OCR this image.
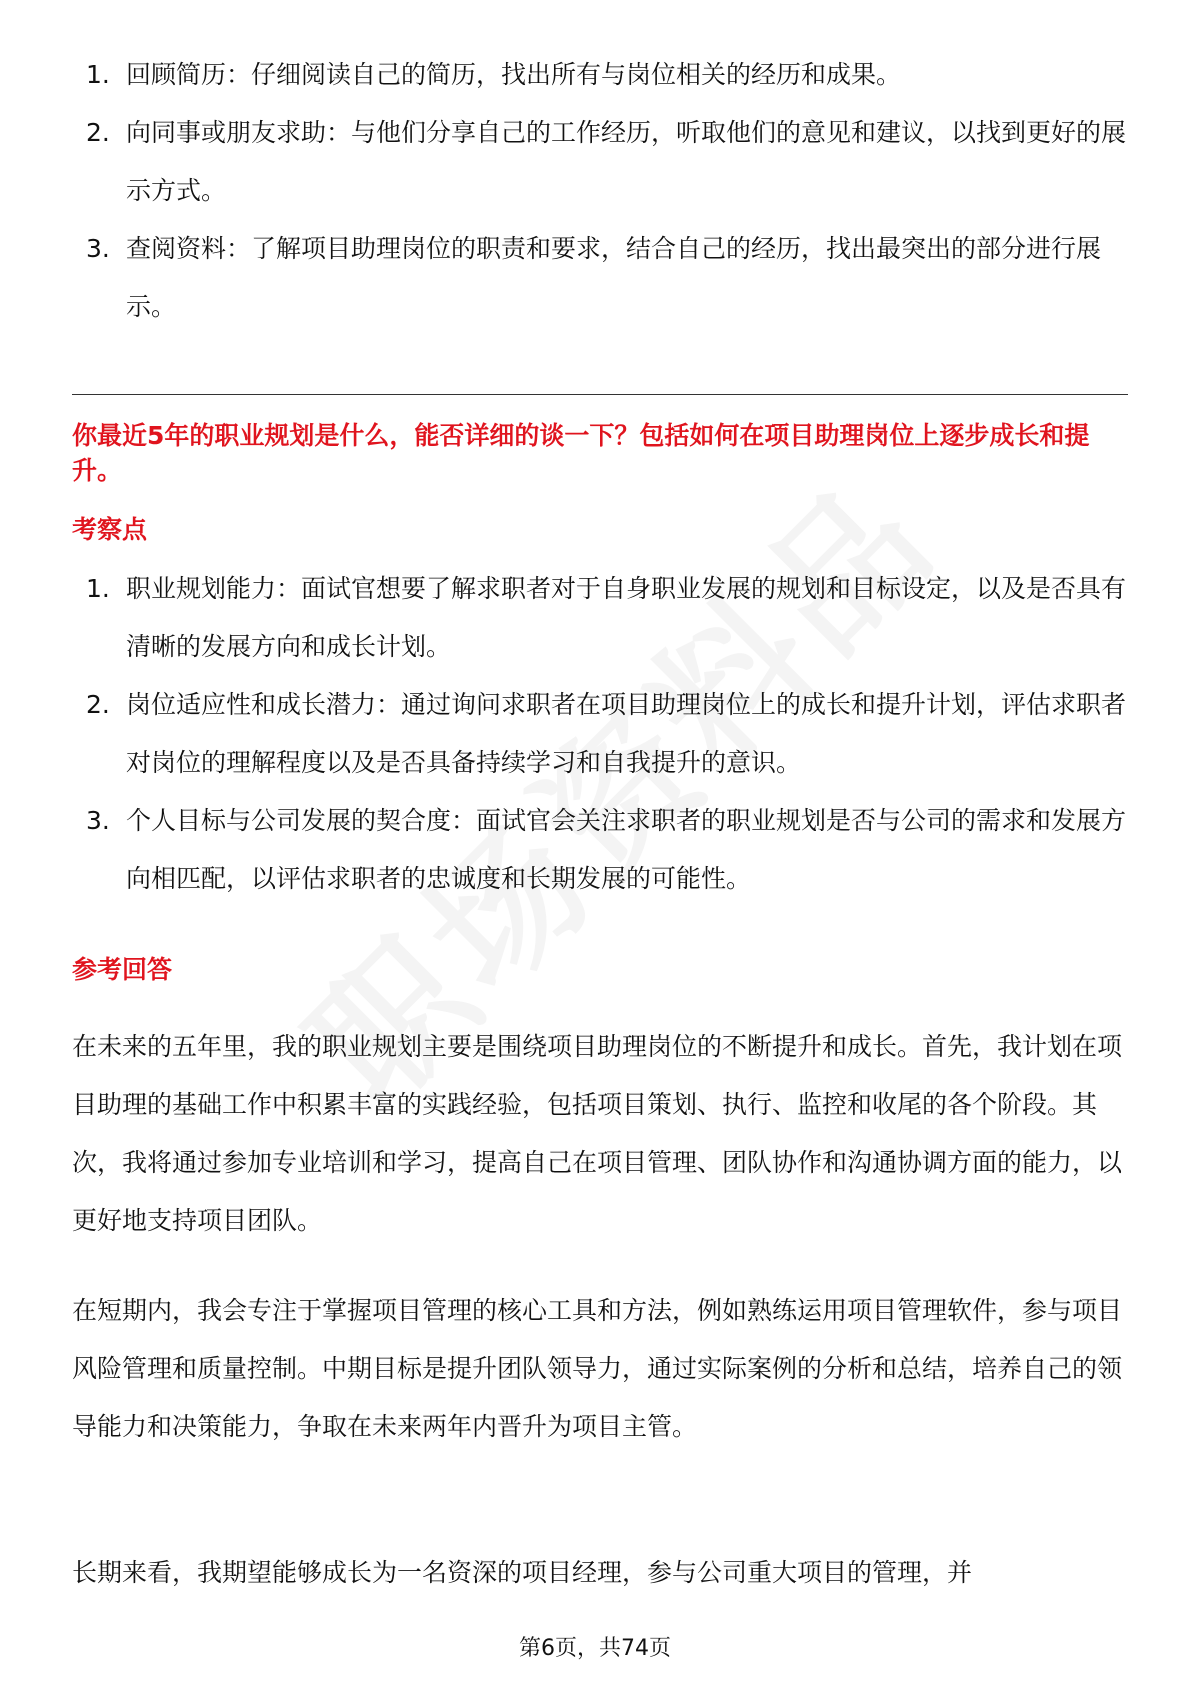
1. 回顾简历：仔细阅读自己的简历，找出所有与岗位相关的经历和成果。
2. 向同事或朋友求助：与他们分享自己的工作经历，听取他们的意见和建议，以找到更好的展示方式。
3. 查阅资料：了解项目助理岗位的职责和要求，结合自己的经历，找出最突出的部分进行展示。

你最近5年的职业规划是什么，能否详细的谈一下？包括如何在项目助理岗位上逐步成长和提升。

考察点
1. 职业规划能力：面试官想要了解求职者对于自身职业发展的规划和目标设定，以及是否具有清晰的发展方向和成长计划。
2. 岗位适应性和成长潜力：通过询问求职者在项目助理岗位上的成长和提升计划，评估求职者对岗位的理解程度以及是否具备持续学习和自我提升的意识。
3. 个人目标与公司发展的契合度：面试官会关注求职者的职业规划是否与公司的需求和发展方向相匹配，以评估求职者的忠诚度和长期发展的可能性。
参考回答

在未来的五年里，我的职业规划主要是围绕项目助理岗位的不断提升和成长。首先，我计划在项目助理的基础工作中积累丰富的实践经验，包括项目策划、执行、监控和收尾的各个阶段。其次，我将通过参加专业培训和学习，提高自己在项目管理、团队协作和沟通协调方面的能力，以更好地支持项目团队。

在短期内，我会专注于掌握项目管理的核心工具和方法，例如熟练运用项目管理软件，参与项目风险管理和质量控制。中期目标是提升团队领导力，通过实际案例的分析和总结，培养自己的领导能力和决策能力，争取在未来两年内晋升为项目主管。

长期来看，我期望能够成长为一名资深的项目经理，参与公司重大项目的管理，并

第6页，共74页
